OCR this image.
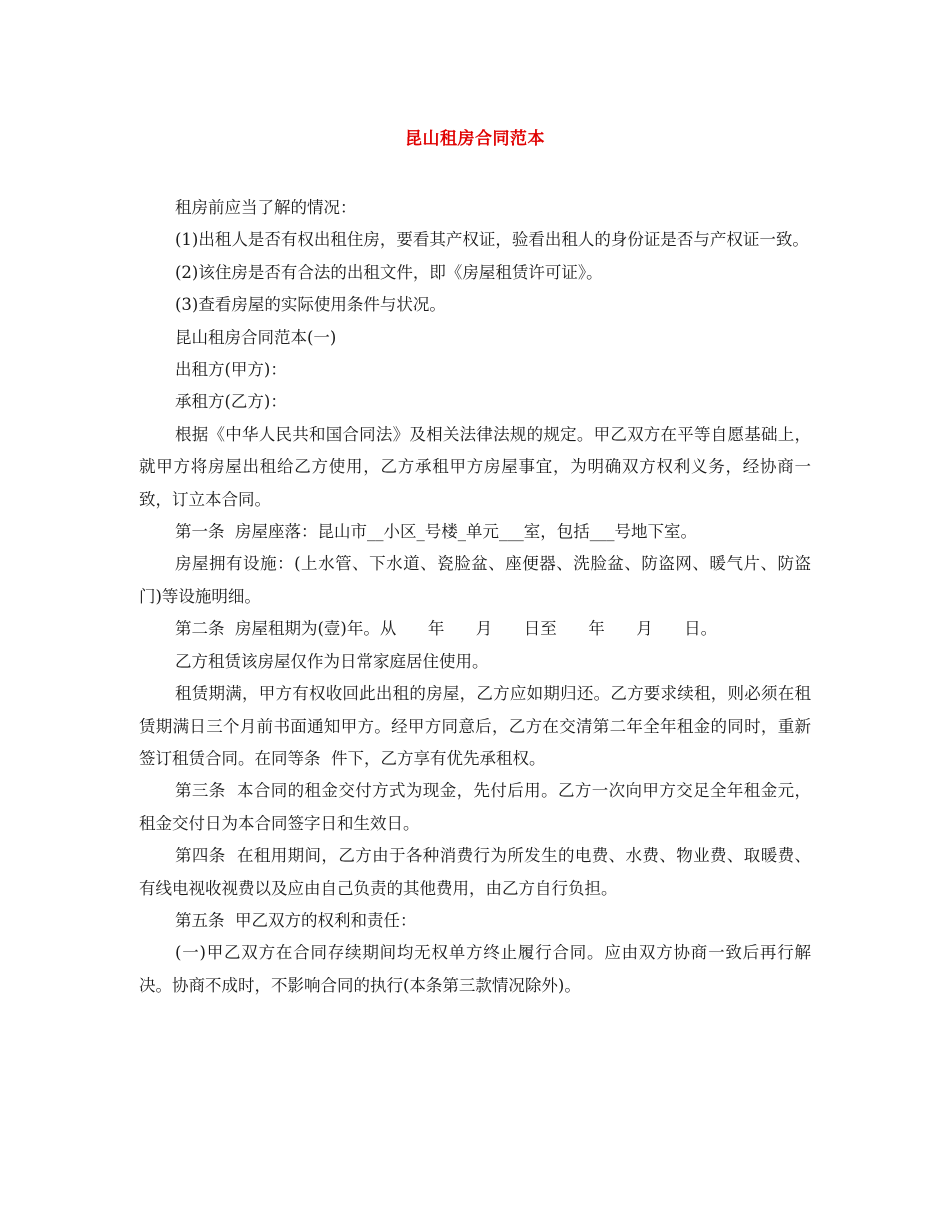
昆山租房合同范本

租房前应当了解的情况：

(1)出租人是否有权出租住房，要看其产权证，验看出租人的身份证是否与产权证一致。

(2)该住房是否有合法的出租文件，即《房屋租赁许可证》。

(3)查看房屋的实际使用条件与状况。

昆山租房合同范本(一)

出租方(甲方)：

承租方(乙方)：

根据《中华人民共和国合同法》及相关法律法规的规定。甲乙双方在平等自愿基础上，就甲方将房屋出租给乙方使用，乙方承租甲方房屋事宜，为明确双方权利义务，经协商一致，订立本合同。

第一条  房屋座落：昆山市__小区_号楼_单元___室，包括___号地下室。

房屋拥有设施：(上水管、下水道、瓷脸盆、座便器、洗脸盆、防盗网、暖气片、防盗门)等设施明细。

第二条  房屋租期为(壹)年。从      年      月      日至      年      月      日。

乙方租赁该房屋仅作为日常家庭居住使用。

租赁期满，甲方有权收回此出租的房屋，乙方应如期归还。乙方要求续租，则必须在租赁期满日三个月前书面通知甲方。经甲方同意后，乙方在交清第二年全年租金的同时，重新签订租赁合同。在同等条  件下，乙方享有优先承租权。

第三条  本合同的租金交付方式为现金，先付后用。乙方一次向甲方交足全年租金元，租金交付日为本合同签字日和生效日。

第四条  在租用期间，乙方由于各种消费行为所发生的电费、水费、物业费、取暖费、有线电视收视费以及应由自己负责的其他费用，由乙方自行负担。

第五条  甲乙双方的权利和责任：

(一)甲乙双方在合同存续期间均无权单方终止履行合同。应由双方协商一致后再行解决。协商不成时，不影响合同的执行(本条第三款情况除外)。
